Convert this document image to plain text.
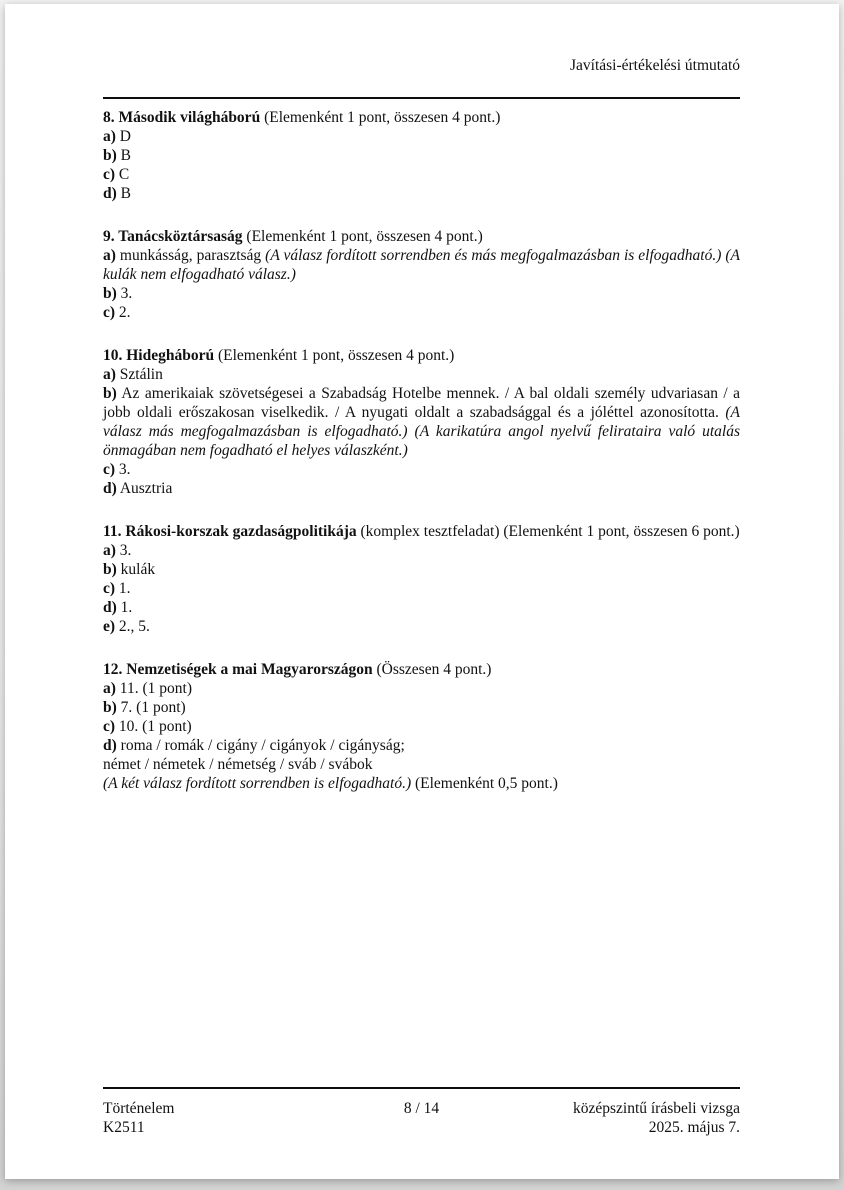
Javítási-értékelési útmutató

8. Második világháború (Elemenként 1 pont, összesen 4 pont.)

a) D

b) B

c) C

d) B

9. Tanácsköztársaság (Elemenként 1 pont, összesen 4 pont.)

a) munkásság, parasztság (A válasz fordított sorrendben és más megfogalmazásban is elfogadható.) (A kulák nem elfogadható válasz.)

b) 3.

c) 2.

10. Hidegháború (Elemenként 1 pont, összesen 4 pont.)

a) Sztálin

b) Az amerikaiak szövetségesei a Szabadság Hotelbe mennek. / A bal oldali személy udvariasan / a jobb oldali erőszakosan viselkedik. / A nyugati oldalt a szabadsággal és a jóléttel azonosította. (A válasz más megfogalmazásban is elfogadható.) (A karikatúra angol nyelvű felirataira való utalás önmagában nem fogadható el helyes válaszként.)

c) 3.

d) Ausztria

11. Rákosi-korszak gazdaságpolitikája (komplex tesztfeladat) (Elemenként 1 pont, összesen 6 pont.)

a) 3.

b) kulák

c) 1.

d) 1.

e) 2., 5.

12. Nemzetiségek a mai Magyarországon (Összesen 4 pont.)

a) 11. (1 pont)

b) 7. (1 pont)

c) 10. (1 pont)

d) roma / romák / cigány / cigányok / cigányság;

német / németek / németség / sváb / svábok

(A két válasz fordított sorrendben is elfogadható.) (Elemenként 0,5 pont.)

Történelem
K2511
8 / 14	középszintű írásbeli vizsga
2025. május 7.
